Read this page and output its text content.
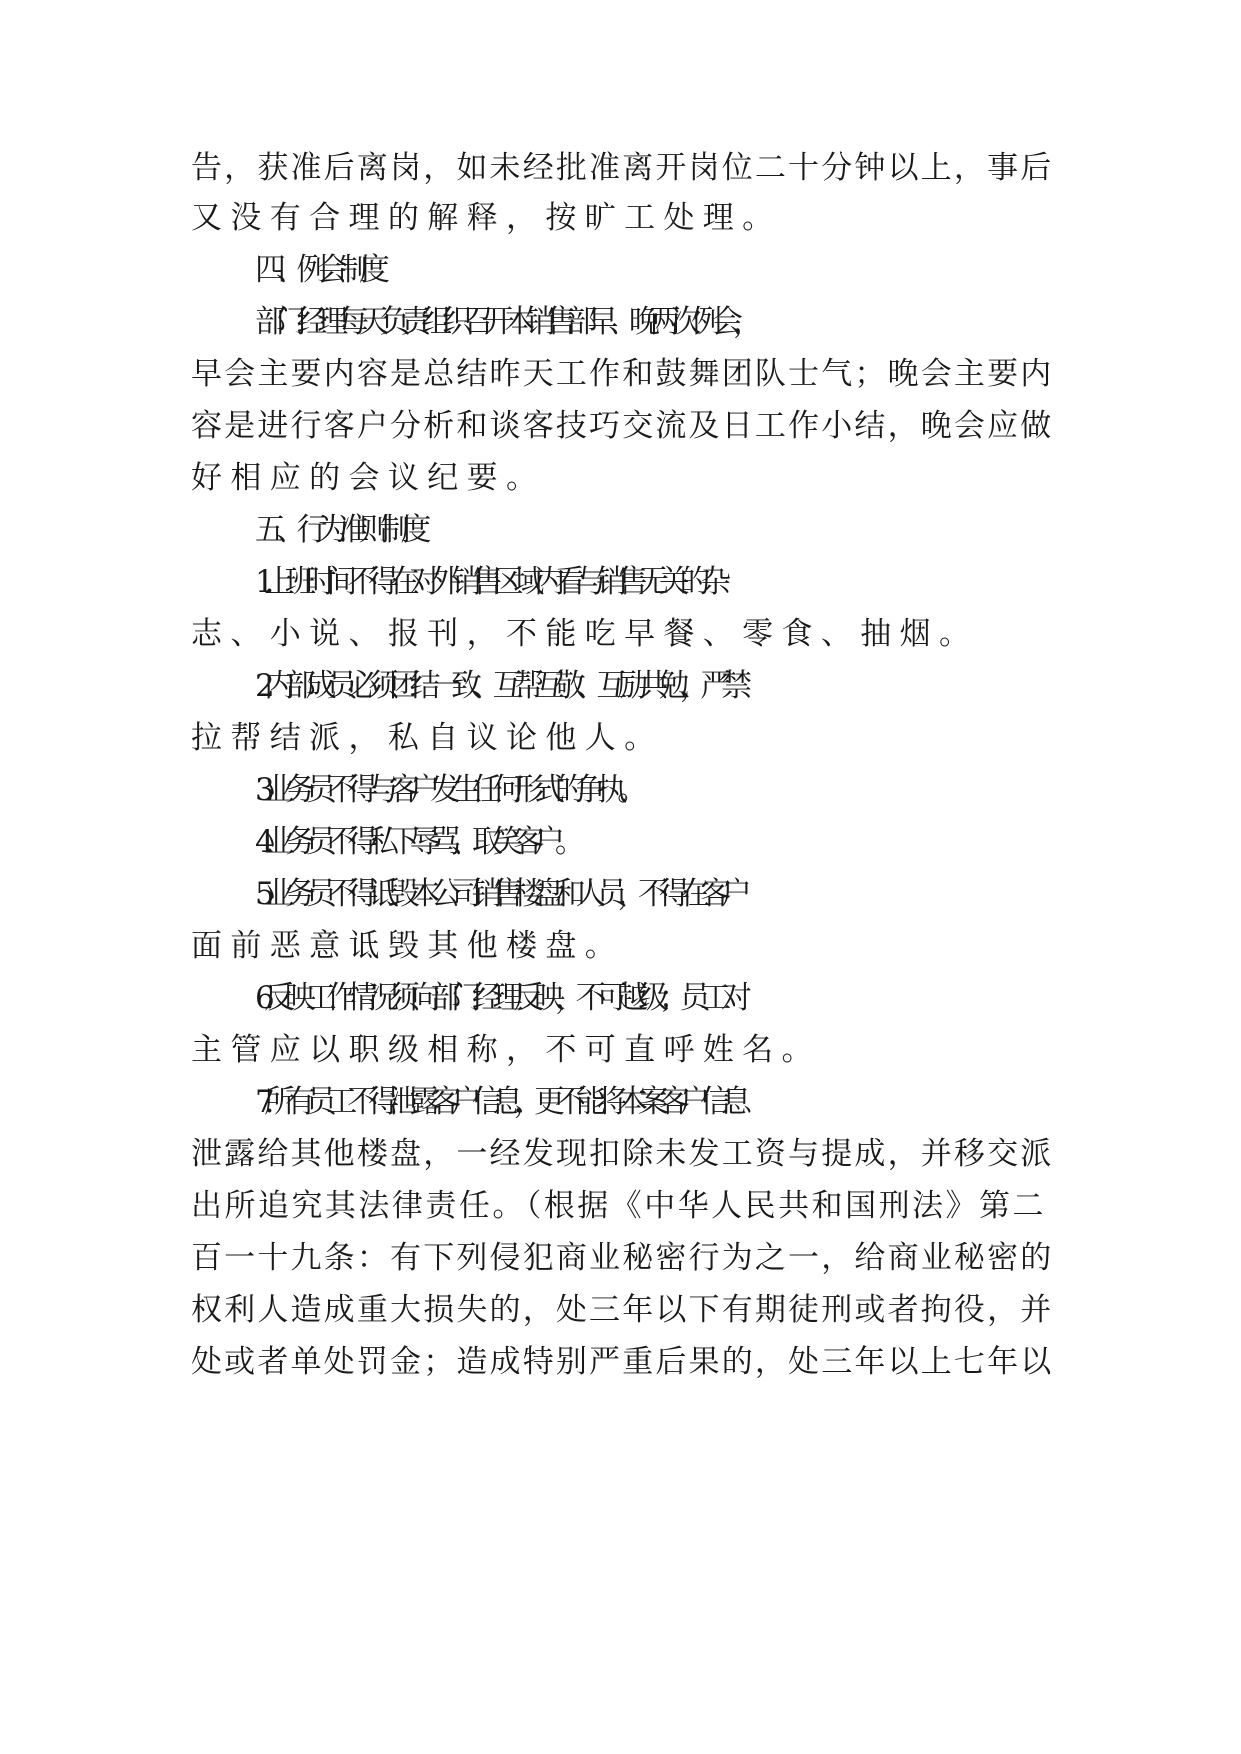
告，获准后离岗，如未经批准离开岗位二十分钟以上，事后
又没有合理的解释，按旷工处理。
四、例会制度
部门经理每天负责组织召开本销售部早、晚两次例会，
早会主要内容是总结昨天工作和鼓舞团队士气；晚会主要内
容是进行客户分析和谈客技巧交流及日工作小结，晚会应做
好相应的会议纪要。
五、行为准则制度
1.上班时间不得在对外销售区域内看与销售无关的杂
志、小说、报刊，不能吃早餐、零食、抽烟。
2.内部成员必须团结一致、互帮互敬、互励共勉，严禁
拉帮结派，私自议论他人。
3.业务员不得与客户发生任何形式的争执。
4.业务员不得私下辱骂、取笑客户。
5.业务员不得诋毁本公司销售楼盘和人员，不得在客户
面前恶意诋毁其他楼盘。
6.反映工作情况须向部门经理反映，不可越级；员工对
主管应以职级相称，不可直呼姓名。
7.所有员工不得泄露客户信息，更不能将本案客户信息
泄露给其他楼盘，一经发现扣除未发工资与提成，并移交派
出所追究其法律责任。（根据《中华人民共和国刑法》第二
百一十九条：有下列侵犯商业秘密行为之一，给商业秘密的
权利人造成重大损失的，处三年以下有期徒刑或者拘役，并
处或者单处罚金；造成特别严重后果的，处三年以上七年以
